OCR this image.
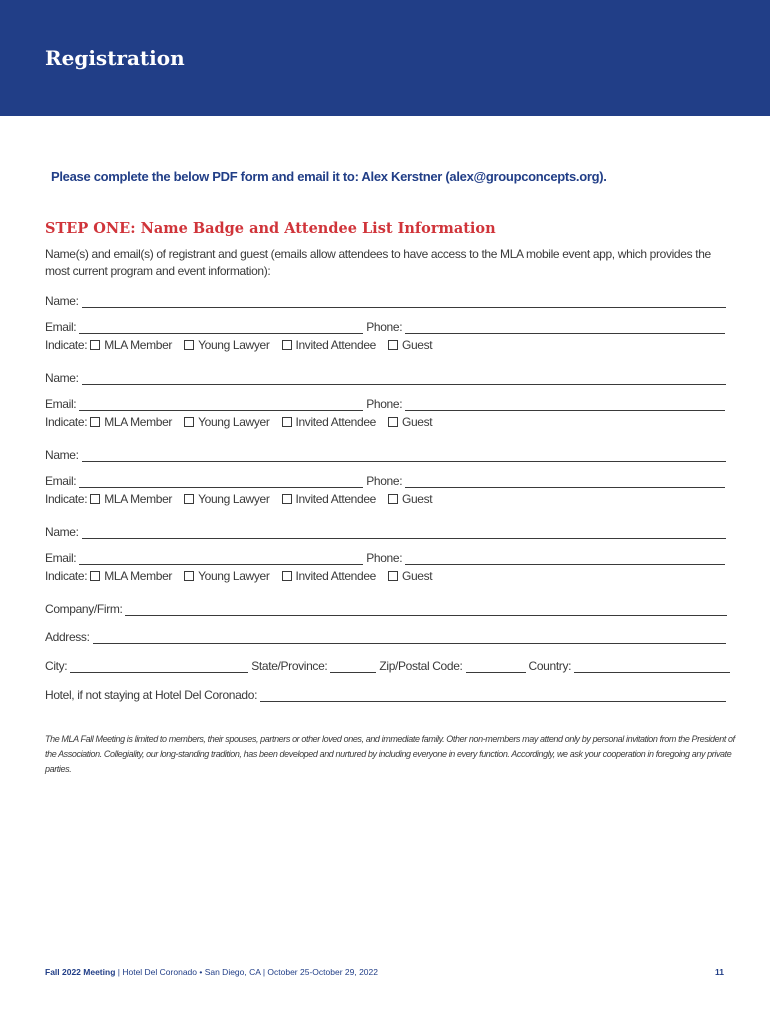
Registration
Please complete the below PDF form and email it to: Alex Kerstner (alex@groupconcepts.org).
STEP ONE: Name Badge and Attendee List Information
Name(s) and email(s) of registrant and guest (emails allow attendees to have access to the MLA mobile event app, which provides the most current program and event information):
Name:
Email:	Phone:
Indicate: MLA Member Young Lawyer Invited Attendee Guest
Name:
Email:	Phone:
Indicate: MLA Member Young Lawyer Invited Attendee Guest
Name:
Email:	Phone:
Indicate: MLA Member Young Lawyer Invited Attendee Guest
Name:
Email:	Phone:
Indicate: MLA Member Young Lawyer Invited Attendee Guest
Company/Firm:
Address:
City:	State/Province:	Zip/Postal Code:	Country:
Hotel, if not staying at Hotel Del Coronado:
The MLA Fall Meeting is limited to members, their spouses, partners or other loved ones, and immediate family. Other non-members may attend only by personal invitation from the President of the Association. Collegiality, our long-standing tradition, has been developed and nurtured by including everyone in every function. Accordingly, we ask your cooperation in foregoing any private parties.
Fall 2022 Meeting | Hotel Del Coronado • San Diego, CA | October 25-October 29, 2022	11
